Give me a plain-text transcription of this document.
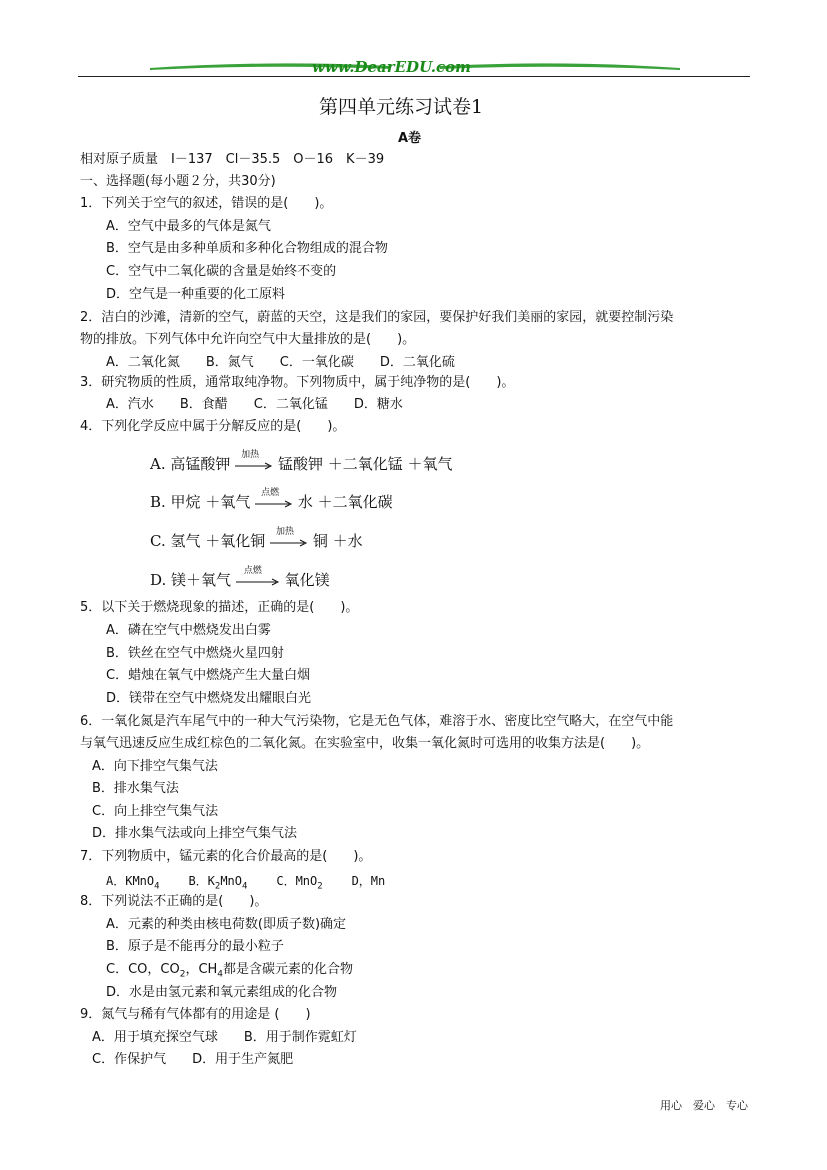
www.DearEDU.com
第四单元练习试卷1
A卷
相对原子质量　I－137　Cl－35.5　O－16　K－39
一、选择题(每小题２分，共30分)
1．下列关于空气的叙述，错误的是(　　)。
A．空气中最多的气体是氮气
B．空气是由多种单质和多种化合物组成的混合物
C．空气中二氧化碳的含量是始终不变的
D．空气是一种重要的化工原料
2．洁白的沙滩，清新的空气，蔚蓝的天空，这是我们的家园，要保护好我们美丽的家园，就要控制污染
物的排放。下列气体中允许向空气中大量排放的是(　　)。
A．二氧化氮　　B．氮气　　C．一氧化碳　　D．二氧化硫
3．研究物质的性质，通常取纯净物。下列物质中，属于纯净物的是(　　)。
A．汽水　　B．食醋　　C．二氧化锰　　D．糖水
4．下列化学反应中属于分解反应的是(　　)。
A. 高锰酸钾 加热 锰酸钾 ＋二氧化锰 ＋氧气
B. 甲烷 ＋氧气 点燃 水 ＋二氧化碳
C. 氢气 ＋氧化铜 加热 铜 ＋水
D. 镁＋氧气 点燃 氧化镁
5．以下关于燃烧现象的描述，正确的是(　　)。
A．磷在空气中燃烧发出白雾
B．铁丝在空气中燃烧火星四射
C．蜡烛在氧气中燃烧产生大量白烟
D．镁带在空气中燃烧发出耀眼白光
6．一氧化氮是汽车尾气中的一种大气污染物，它是无色气体，难溶于水、密度比空气略大，在空气中能
与氧气迅速反应生成红棕色的二氧化氮。在实验室中，收集一氧化氮时可选用的收集方法是(　　)。
A．向下排空气集气法
B．排水集气法
C．向上排空气集气法
D．排水集气法或向上排空气集气法
7．下列物质中，锰元素的化合价最高的是(　　)。
A．KMnO$_4$ B．$K_2MnO_4$ C．MnO$_2$ D，Mn
8．下列说法不正确的是(　　)。
A．元素的种类由核电荷数(即质子数)确定
B．原子是不能再分的最小粒子
C．CO，$CO_2$，$CH_4$都是含碳元素的化合物
D．水是由氢元素和氧元素组成的化合物
9．氮气与稀有气体都有的用途是 (　　)
A．用于填充探空气球　　B．用于制作霓虹灯
C．作保护气　　D．用于生产氮肥
用心　爱心　专心
